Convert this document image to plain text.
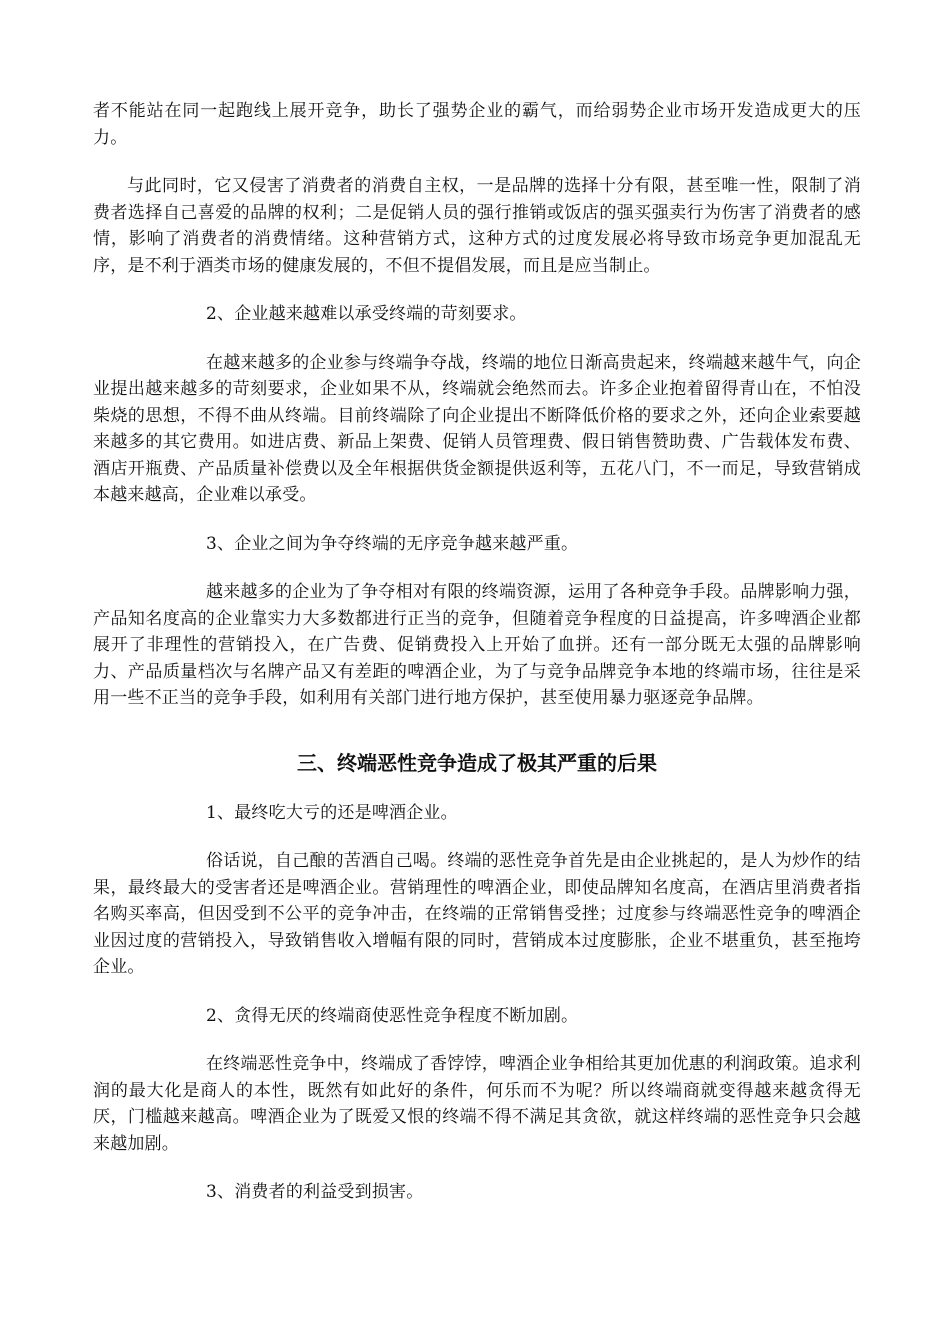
者不能站在同一起跑线上展开竞争，助长了强势企业的霸气，而给弱势企业市场开发造成更大的压力。

与此同时，它又侵害了消费者的消费自主权，一是品牌的选择十分有限，甚至唯一性，限制了消费者选择自己喜爱的品牌的权利；二是促销人员的强行推销或饭店的强买强卖行为伤害了消费者的感情，影响了消费者的消费情绪。这种营销方式，这种方式的过度发展必将导致市场竞争更加混乱无序，是不利于酒类市场的健康发展的，不但不提倡发展，而且是应当制止。

2、企业越来越难以承受终端的苛刻要求。

在越来越多的企业参与终端争夺战，终端的地位日渐高贵起来，终端越来越牛气，向企业提出越来越多的苛刻要求，企业如果不从，终端就会绝然而去。许多企业抱着留得青山在，不怕没柴烧的思想，不得不曲从终端。目前终端除了向企业提出不断降低价格的要求之外，还向企业索要越来越多的其它费用。如进店费、新品上架费、促销人员管理费、假日销售赞助费、广告载体发布费、酒店开瓶费、产品质量补偿费以及全年根据供货金额提供返利等，五花八门，不一而足，导致营销成本越来越高，企业难以承受。

3、企业之间为争夺终端的无序竞争越来越严重。

越来越多的企业为了争夺相对有限的终端资源，运用了各种竞争手段。品牌影响力强，产品知名度高的企业靠实力大多数都进行正当的竞争，但随着竞争程度的日益提高，许多啤酒企业都展开了非理性的营销投入，在广告费、促销费投入上开始了血拼。还有一部分既无太强的品牌影响力、产品质量档次与名牌产品又有差距的啤酒企业，为了与竞争品牌竞争本地的终端市场，往往是采用一些不正当的竞争手段，如利用有关部门进行地方保护，甚至使用暴力驱逐竞争品牌。

三、终端恶性竞争造成了极其严重的后果

1、最终吃大亏的还是啤酒企业。

俗话说，自己酿的苦酒自己喝。终端的恶性竞争首先是由企业挑起的，是人为炒作的结果，最终最大的受害者还是啤酒企业。营销理性的啤酒企业，即使品牌知名度高，在酒店里消费者指名购买率高，但因受到不公平的竞争冲击，在终端的正常销售受挫；过度参与终端恶性竞争的啤酒企业因过度的营销投入，导致销售收入增幅有限的同时，营销成本过度膨胀，企业不堪重负，甚至拖垮企业。

2、贪得无厌的终端商使恶性竞争程度不断加剧。

在终端恶性竞争中，终端成了香饽饽，啤酒企业争相给其更加优惠的利润政策。追求利润的最大化是商人的本性，既然有如此好的条件，何乐而不为呢？所以终端商就变得越来越贪得无厌，门槛越来越高。啤酒企业为了既爱又恨的终端不得不满足其贪欲，就这样终端的恶性竞争只会越来越加剧。

3、消费者的利益受到损害。
